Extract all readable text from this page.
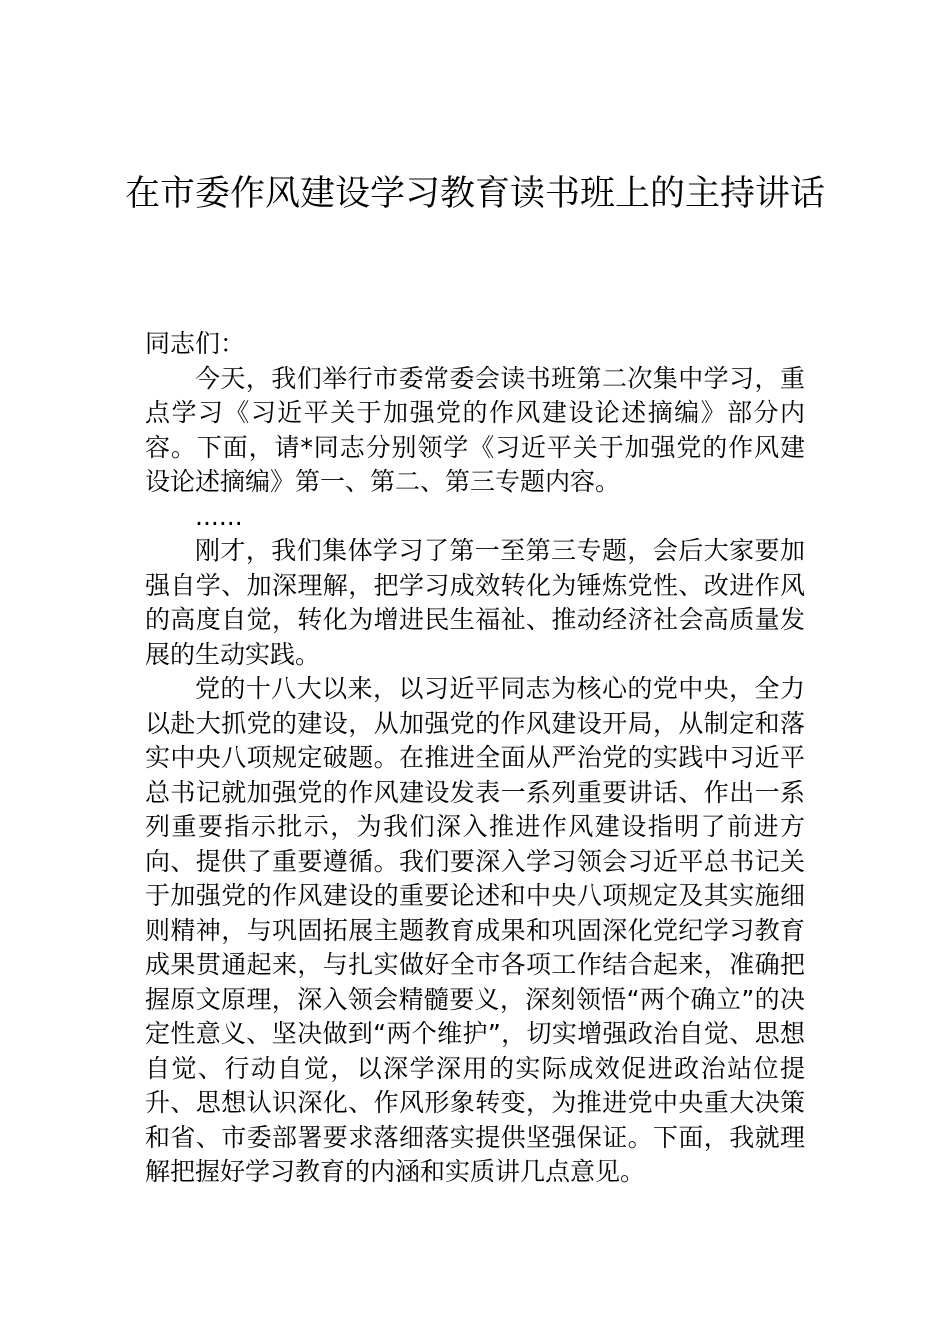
在市委作风建设学习教育读书班上的主持讲话

同志们：

今天，我们举行市委常委会读书班第二次集中学习，重点学习《习近平关于加强党的作风建设论述摘编》部分内容。下面，请*同志分别领学《习近平关于加强党的作风建设论述摘编》第一、第二、第三专题内容。

......

刚才，我们集体学习了第一至第三专题，会后大家要加强自学、加深理解，把学习成效转化为锤炼党性、改进作风的高度自觉，转化为增进民生福祉、推动经济社会高质量发展的生动实践。

党的十八大以来，以习近平同志为核心的党中央，全力以赴大抓党的建设，从加强党的作风建设开局，从制定和落实中央八项规定破题。在推进全面从严治党的实践中习近平总书记就加强党的作风建设发表一系列重要讲话、作出一系列重要指示批示，为我们深入推进作风建设指明了前进方向、提供了重要遵循。我们要深入学习领会习近平总书记关于加强党的作风建设的重要论述和中央八项规定及其实施细则精神，与巩固拓展主题教育成果和巩固深化党纪学习教育成果贯通起来，与扎实做好全市各项工作结合起来，准确把握原文原理，深入领会精髓要义，深刻领悟“两个确立”的决定性意义、坚决做到“两个维护”，切实增强政治自觉、思想自觉、行动自觉，以深学深用的实际成效促进政治站位提升、思想认识深化、作风形象转变，为推进党中央重大决策和省、市委部署要求落细落实提供坚强保证。下面，我就理解把握好学习教育的内涵和实质讲几点意见。
